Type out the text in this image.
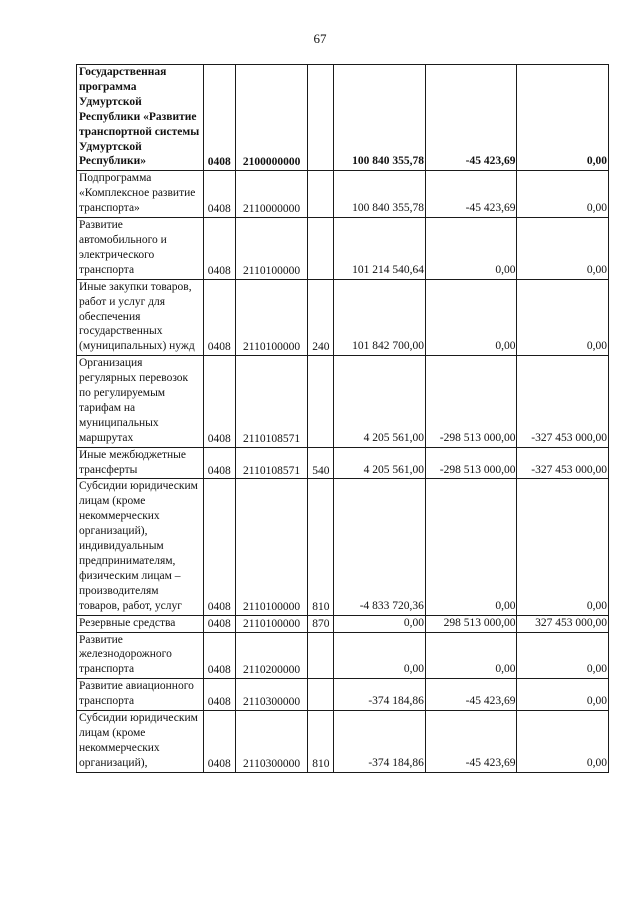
67
Государственная программа Удмуртской Республики «Развитие транспортной системы Удмуртской Республики»	0408	2100000000		100 840 355,78	-45 423,69	0,00
Подпрограмма «Комплексное развитие транспорта»	0408	2110000000		100 840 355,78	-45 423,69	0,00
Развитие автомобильного и электрического транспорта	0408	2110100000		101 214 540,64	0,00	0,00
Иные закупки товаров, работ и услуг для обеспечения государственных (муниципальных) нужд	0408	2110100000	240	101 842 700,00	0,00	0,00
Организация регулярных перевозок по регулируемым тарифам на муниципальных маршрутах	0408	2110108571		4 205 561,00	-298 513 000,00	-327 453 000,00
Иные межбюджетные трансферты	0408	2110108571	540	4 205 561,00	-298 513 000,00	-327 453 000,00
Субсидии юридическим лицам (кроме некоммерческих организаций), индивидуальным предпринимателям, физическим лицам – производителям товаров, работ, услуг	0408	2110100000	810	-4 833 720,36	0,00	0,00
Резервные средства	0408	2110100000	870	0,00	298 513 000,00	327 453 000,00
Развитие железнодорожного транспорта	0408	2110200000		0,00	0,00	0,00
Развитие авиационного транспорта	0408	2110300000		-374 184,86	-45 423,69	0,00
Субсидии юридическим лицам (кроме некоммерческих организаций),	0408	2110300000	810	-374 184,86	-45 423,69	0,00
